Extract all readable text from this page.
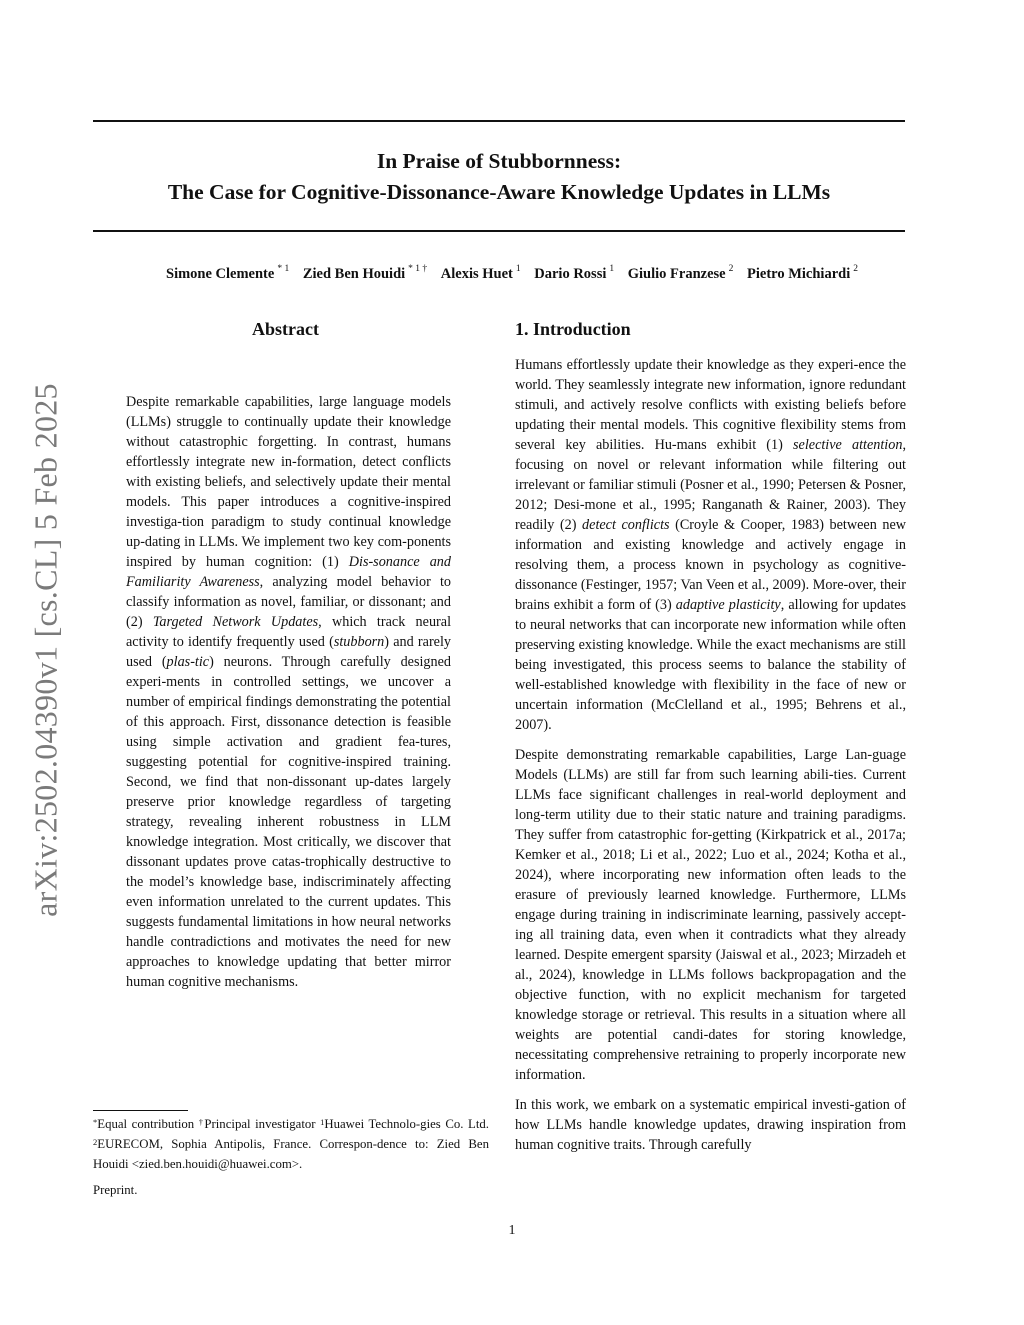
arXiv:2502.04390v1 [cs.CL] 5 Feb 2025
In Praise of Stubbornness:
The Case for Cognitive-Dissonance-Aware Knowledge Updates in LLMs
Simone Clemente $^{* 1}$ Zied Ben Houidi $^{* 1 \dagger}$ Alexis Huet $^1$ Dario Rossi $^1$ Giulio Franzese $^2$ Pietro Michiardi $^2$
Abstract

Despite remarkable capabilities, large language models (LLMs) struggle to continually update their knowledge without catastrophic forgetting. In contrast, humans effortlessly integrate new in-formation, detect conflicts with existing beliefs, and selectively update their mental models. This paper introduces a cognitive-inspired investiga-tion paradigm to study continual knowledge up-dating in LLMs. We implement two key com-ponents inspired by human cognition: (1) Dis-sonance and Familiarity Awareness, analyzing model behavior to classify information as novel, familiar, or dissonant; and (2) Targeted Network Updates, which track neural activity to identify frequently used (stubborn) and rarely used (plas-tic) neurons. Through carefully designed experi-ments in controlled settings, we uncover a number of empirical findings demonstrating the potential of this approach. First, dissonance detection is feasible using simple activation and gradient fea-tures, suggesting potential for cognitive-inspired training. Second, we find that non-dissonant up-dates largely preserve prior knowledge regardless of targeting strategy, revealing inherent robustness in LLM knowledge integration. Most critically, we discover that dissonant updates prove catas-trophically destructive to the model’s knowledge base, indiscriminately affecting even information unrelated to the current updates. This suggests fundamental limitations in how neural networks handle contradictions and motivates the need for new approaches to knowledge updating that better mirror human cognitive mechanisms.

1. Introduction

Humans effortlessly update their knowledge as they experi-ence the world. They seamlessly integrate new information, ignore redundant stimuli, and actively resolve conflicts with existing beliefs before updating their mental models. This cognitive flexibility stems from several key abilities. Hu-mans exhibit (1) selective attention, focusing on novel or relevant information while filtering out irrelevant or familiar stimuli (Posner et al., 1990; Petersen & Posner, 2012; Desi-mone et al., 1995; Ranganath & Rainer, 2003). They readily (2) detect conflicts (Croyle & Cooper, 1983) between new information and existing knowledge and actively engage in resolving them, a process known in psychology as cognitive-dissonance (Festinger, 1957; Van Veen et al., 2009). More-over, their brains exhibit a form of (3) adaptive plasticity, allowing for updates to neural networks that can incorporate new information while often preserving existing knowledge. While the exact mechanisms are still being investigated, this process seems to balance the stability of well-established knowledge with flexibility in the face of new or uncertain information (McClelland et al., 1995; Behrens et al., 2007).

Despite demonstrating remarkable capabilities, Large Lan-guage Models (LLMs) are still far from such learning abili-ties. Current LLMs face significant challenges in real-world deployment and long-term utility due to their static nature and training paradigms. They suffer from catastrophic for-getting (Kirkpatrick et al., 2017a; Kemker et al., 2018; Li et al., 2022; Luo et al., 2024; Kotha et al., 2024), where incorporating new information often leads to the erasure of previously learned knowledge. Furthermore, LLMs engage during training in indiscriminate learning, passively accept-ing all training data, even when it contradicts what they already learned. Despite emergent sparsity (Jaiswal et al., 2023; Mirzadeh et al., 2024), knowledge in LLMs follows backpropagation and the objective function, with no explicit mechanism for targeted knowledge storage or retrieval. This results in a situation where all weights are potential candi-dates for storing knowledge, necessitating comprehensive retraining to properly incorporate new information.

In this work, we embark on a systematic empirical investi-gation of how LLMs handle knowledge updates, drawing inspiration from human cognitive traits. Through carefully

*Equal contribution †Principal investigator $^1$Huawei Technolo-gies Co. Ltd. $^2$EURECOM, Sophia Antipolis, France. Correspon-dence to: Zied Ben Houidi <zied.ben.houidi@huawei.com>.
Preprint.
1
